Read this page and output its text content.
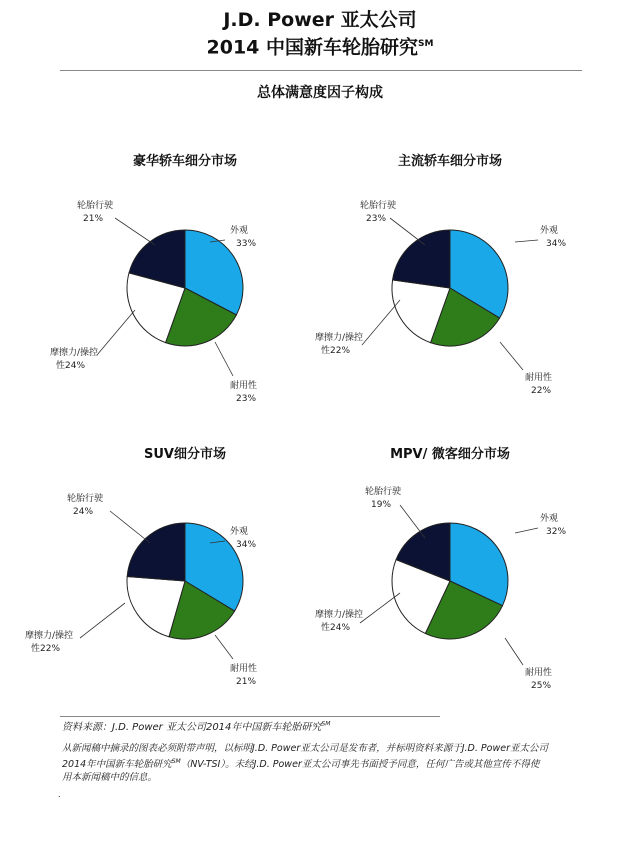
J.D. Power 亚太公司
2014 中国新车轮胎研究℠
总体满意度因子构成
豪华轿车细分市场
外观
33%
耐用性
23%
摩擦力/操控
性24%
轮胎行驶
21%
主流轿车细分市场
外观
34%
耐用性
22%
摩擦力/操控
性22%
轮胎行驶
23%
SUV细分市场
外观
34%
耐用性
21%
摩擦力/操控
性22%
轮胎行驶
24%
MPV/ 微客细分市场
外观
32%
耐用性
25%
摩擦力/操控
性24%
轮胎行驶
19%
资料来源：J.D. Power 亚太公司2014年中国新车轮胎研究℠
从新闻稿中摘录的图表必须附带声明，以标明J.D. Power亚太公司是发布者，并标明资料来源于J.D. Power亚太公司
2014年中国新车轮胎研究℠（NV-TSI）。未经J.D. Power亚太公司事先书面授予同意，任何广告或其他宣传不得使
用本新闻稿中的信息。
.
